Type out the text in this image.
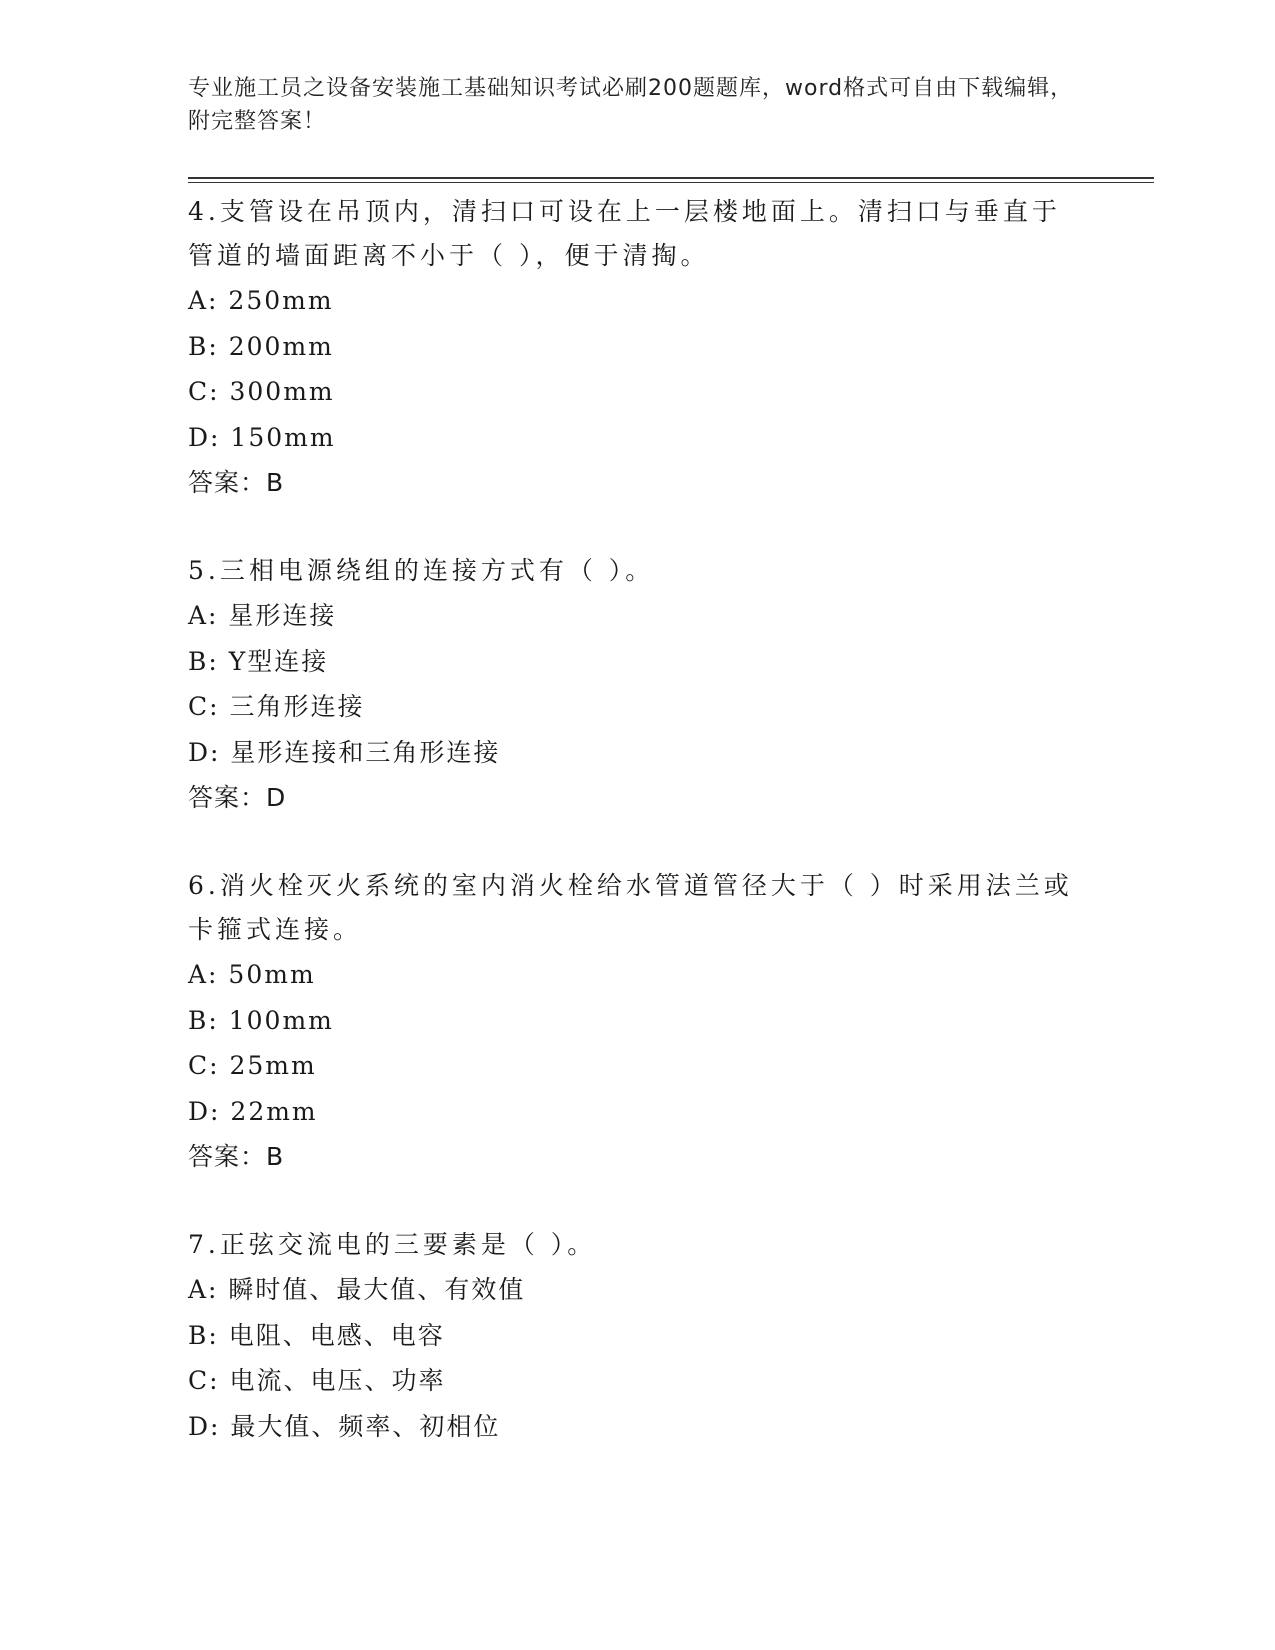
专业施工员之设备安装施工基础知识考试必刷200题题库，word格式可自由下载编辑，附完整答案！

4.支管设在吊顶内，清扫口可设在上一层楼地面上。清扫口与垂直于管道的墙面距离不小于（ ），便于清掏。

A: 250mm
B: 200mm
C: 300mm
D: 150mm
答案：B

5.三相电源绕组的连接方式有（ ）。

A: 星形连接
B: Y型连接
C: 三角形连接
D: 星形连接和三角形连接
答案：D

6.消火栓灭火系统的室内消火栓给水管道管径大于（ ）时采用法兰或卡箍式连接。

A: 50mm
B: 100mm
C: 25mm
D: 22mm
答案：B

7.正弦交流电的三要素是（ ）。

A: 瞬时值、最大值、有效值
B: 电阻、电感、电容
C: 电流、电压、功率
D: 最大值、频率、初相位
